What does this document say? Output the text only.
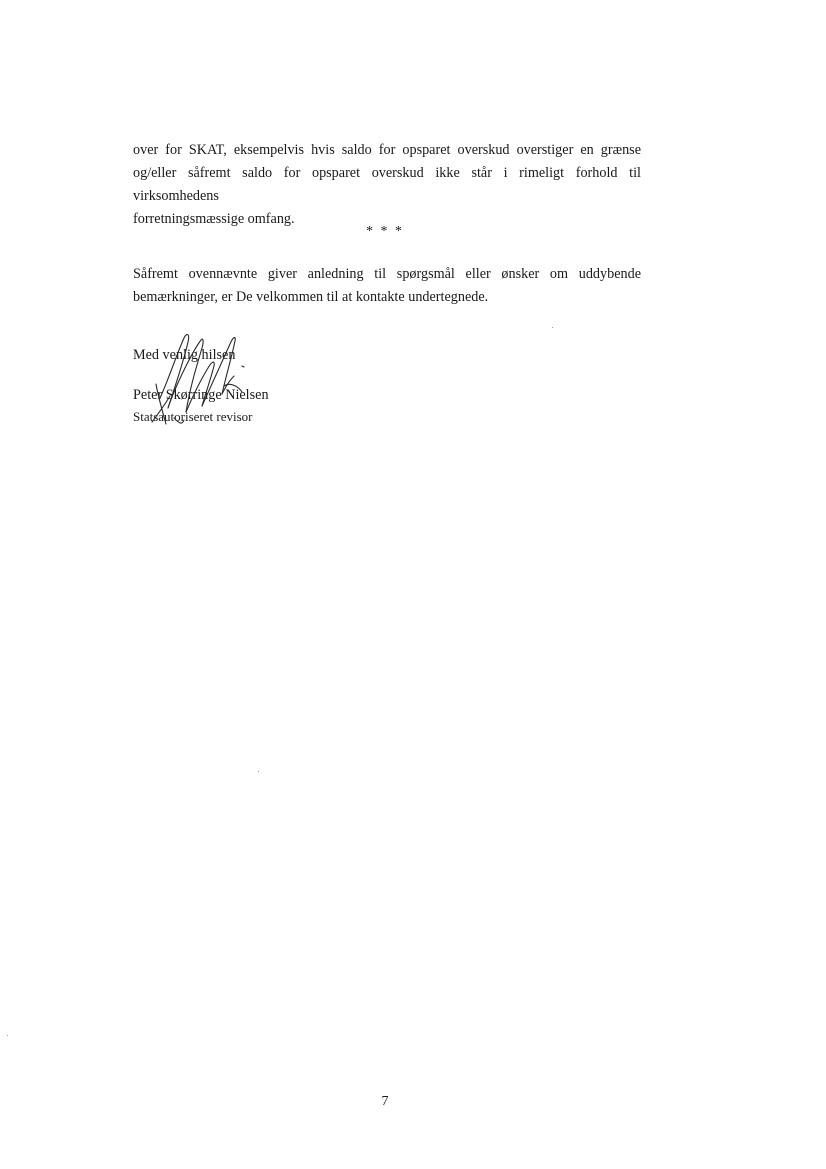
over for SKAT, eksempelvis hvis saldo for opsparet overskud overstiger en grænse
og/eller såfremt saldo for opsparet overskud ikke står i rimeligt forhold til virksomhedens
forretningsmæssige omfang.
* * *
Såfremt ovennævnte giver anledning til spørgsmål eller ønsker om uddybende
bemærkninger, er De velkommen til at kontakte undertegnede.
Med venlig hilsen
Peter Skørringe Nielsen
Statsautoriseret revisor
7
